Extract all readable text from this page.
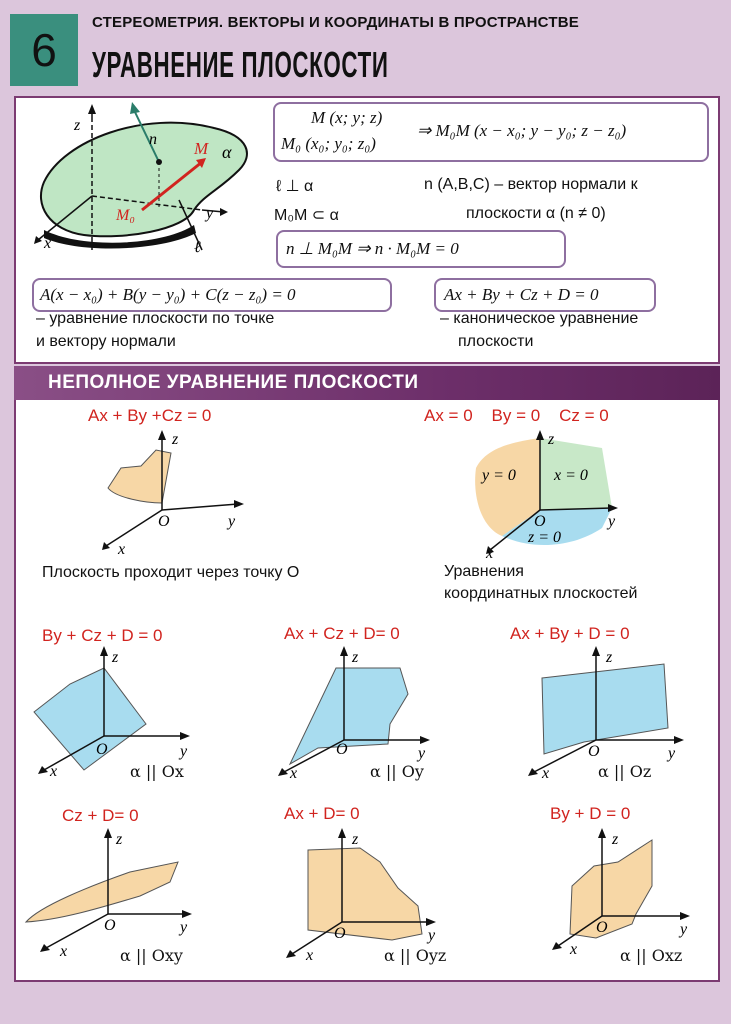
6
СТЕРЕОМЕТРИЯ. ВЕКТОРЫ И КООРДИНАТЫ В ПРОСТРАНСТВЕ
УРАВНЕНИЕ ПЛОСКОСТИ
z
x
y
n M
M₀
α
ℓ
M (x; y; z)
M₀ (x₀; y₀; z₀)
⇒ M₀M (x − x₀; y − y₀; z − z₀)
ℓ ⊥ α
M₀M ⊂ α
n (A,B,C) – вектор нормали к
плоскости α (n ≠ 0)
n ⊥ M₀M ⇒ n · M₀M = 0
A(x − x₀) + B(y − y₀) + C(z − z₀) = 0
– уравнение плоскости по точке
и вектору нормали
Ax + By + Cz + D = 0
– каноническое уравнение
плоскости
НЕПОЛНОЕ УРАВНЕНИЕ ПЛОСКОСТИ
Ax + By +Cz = 0
z
y
x
O
Плоскость проходит через точку O
Ax = 0    By = 0    Cz = 0
z
y
x
O
y = 0 x = 0
z = 0
Уравнения
координатных плоскостей
By + Cz + D = 0
z
y
x
O
α || Ox
Ax + Cz + D= 0
z
y
x
O
α || Oy
Ax + By + D = 0
z
y
x
O
α || Oz
Cz + D= 0
z
y
x
O
α || Oxy
Ax + D= 0
z
y
x
O
α || Oyz
By + D = 0
z
y
x
O
α || Oxz
